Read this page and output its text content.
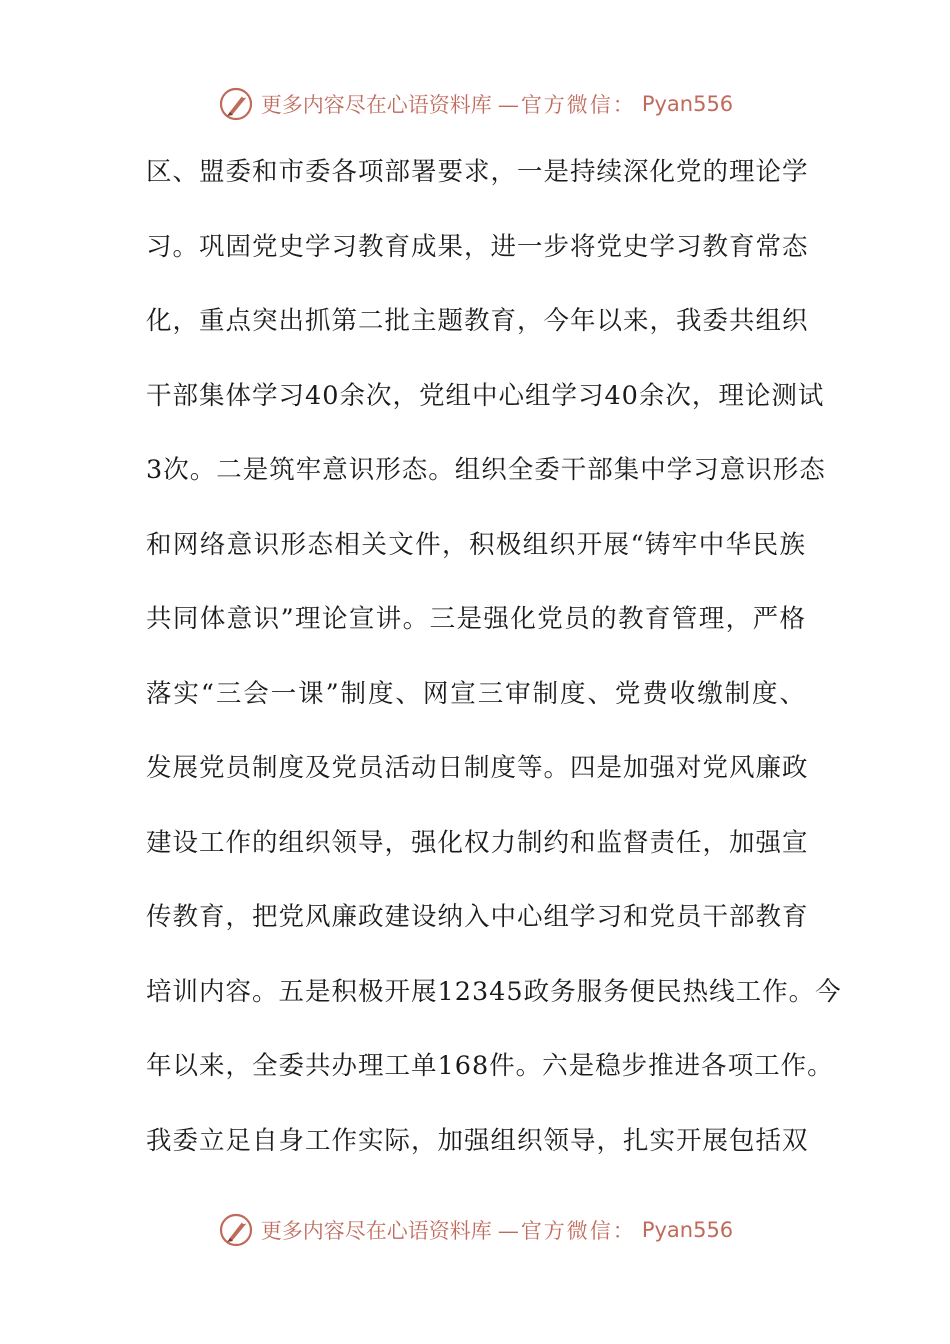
更多内容尽在心语资料库 —官方微信： Pyan556
区、盟委和市委各项部署要求，一是持续深化党的理论学
习。巩固党史学习教育成果，进一步将党史学习教育常态
化，重点突出抓第二批主题教育，今年以来，我委共组织
干部集体学习40余次，党组中心组学习40余次，理论测试
3次。二是筑牢意识形态。组织全委干部集中学习意识形态
和网络意识形态相关文件，积极组织开展“铸牢中华民族
共同体意识”理论宣讲。三是强化党员的教育管理，严格
落实“三会一课”制度、网宣三审制度、党费收缴制度、
发展党员制度及党员活动日制度等。四是加强对党风廉政
建设工作的组织领导，强化权力制约和监督责任，加强宣
传教育，把党风廉政建设纳入中心组学习和党员干部教育
培训内容。五是积极开展12345政务服务便民热线工作。今
年以来，全委共办理工单168件。六是稳步推进各项工作。
我委立足自身工作实际，加强组织领导，扎实开展包括双
更多内容尽在心语资料库 —官方微信： Pyan556
